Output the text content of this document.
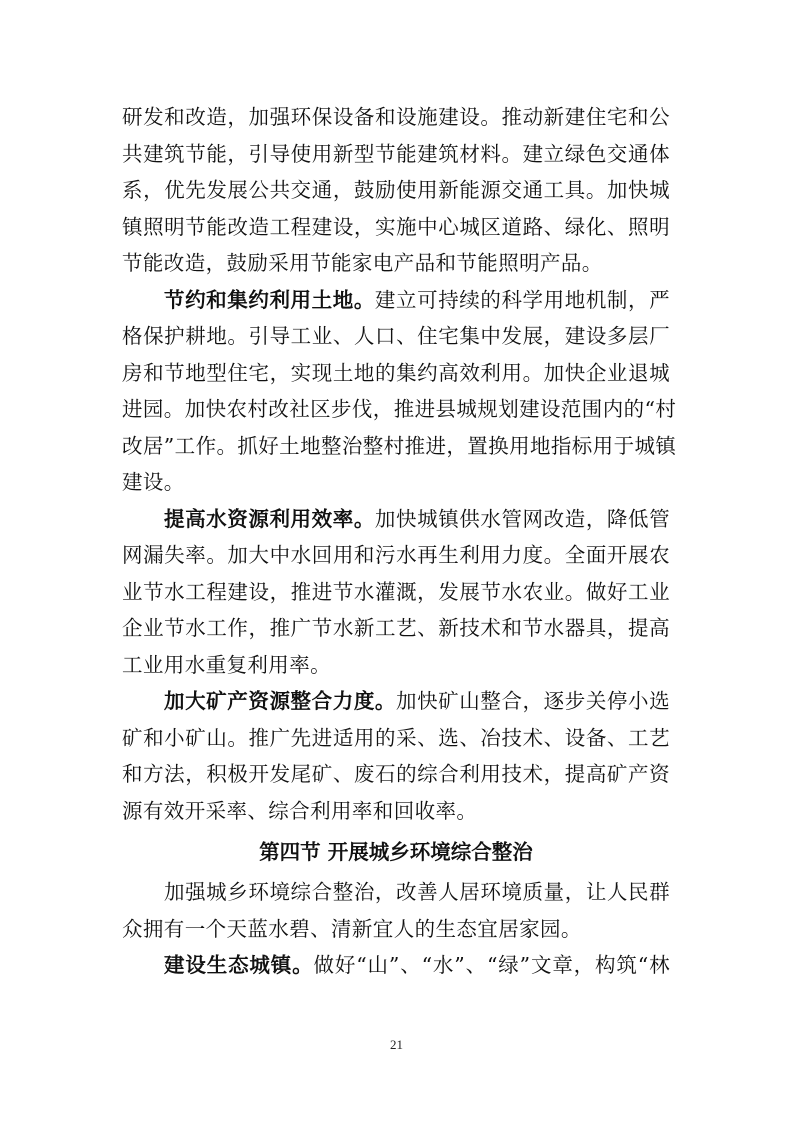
研发和改造，加强环保设备和设施建设。推动新建住宅和公
共建筑节能，引导使用新型节能建筑材料。建立绿色交通体
系，优先发展公共交通，鼓励使用新能源交通工具。加快城
镇照明节能改造工程建设，实施中心城区道路、绿化、照明
节能改造，鼓励采用节能家电产品和节能照明产品。
节约和集约利用土地。建立可持续的科学用地机制，严
格保护耕地。引导工业、人口、住宅集中发展，建设多层厂
房和节地型住宅，实现土地的集约高效利用。加快企业退城
进园。加快农村改社区步伐，推进县城规划建设范围内的“村
改居”工作。抓好土地整治整村推进，置换用地指标用于城镇
建设。
提高水资源利用效率。加快城镇供水管网改造，降低管
网漏失率。加大中水回用和污水再生利用力度。全面开展农
业节水工程建设，推进节水灌溉，发展节水农业。做好工业
企业节水工作，推广节水新工艺、新技术和节水器具，提高
工业用水重复利用率。
加大矿产资源整合力度。加快矿山整合，逐步关停小选
矿和小矿山。推广先进适用的采、选、冶技术、设备、工艺
和方法，积极开发尾矿、废石的综合利用技术，提高矿产资
源有效开采率、综合利用率和回收率。
第四节 开展城乡环境综合整治
加强城乡环境综合整治，改善人居环境质量，让人民群
众拥有一个天蓝水碧、清新宜人的生态宜居家园。
建设生态城镇。做好“山”、“水”、“绿”文章，构筑“林
21
